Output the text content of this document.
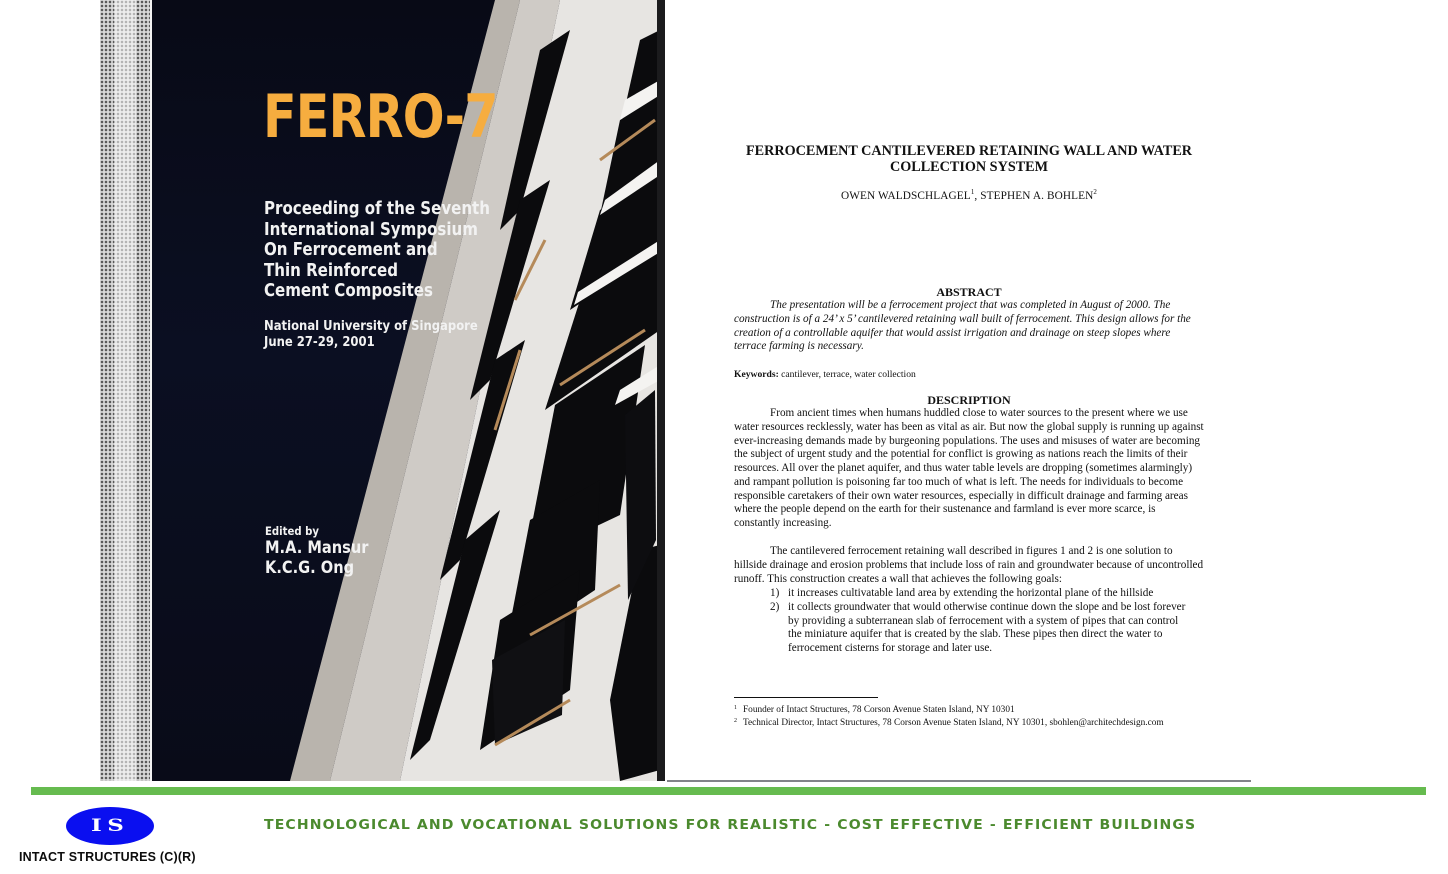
FERRO-7
Proceeding of the Seventh
International Symposium
On Ferrocement and
Thin Reinforced
Cement Composites
National University of Singapore
June 27-29, 2001
Edited by
M.A. Mansur
K.C.G. Ong
FERROCEMENT CANTILEVERED RETAINING WALL AND WATER
COLLECTION SYSTEM
OWEN WALDSCHLAGEL$^1$, STEPHEN A. BOHLEN$^2$
ABSTRACT
The presentation will be a ferrocement project that was completed in August of 2000. The construction is of a 24’ x 5’ cantilevered retaining wall built of ferrocement. This design allows for the creation of a controllable aquifer that would assist irrigation and drainage on steep slopes where terrace farming is necessary.
Keywords: cantilever, terrace, water collection
DESCRIPTION
From ancient times when humans huddled close to water sources to the present where we use water resources recklessly, water has been as vital as air. But now the global supply is running up against ever-increasing demands made by burgeoning populations. The uses and misuses of water are becoming the subject of urgent study and the potential for conflict is growing as nations reach the limits of their resources. All over the planet aquifer, and thus water table levels are dropping (sometimes alarmingly) and rampant pollution is poisoning far too much of what is left. The needs for individuals to become responsible caretakers of their own water resources, especially in difficult drainage and farming areas where the people depend on the earth for their sustenance and farmland is ever more scarce, is constantly increasing.
The cantilevered ferrocement retaining wall described in figures 1 and 2 is one solution to hillside drainage and erosion problems that include loss of rain and groundwater because of uncontrolled runoff. This construction creates a wall that achieves the following goals:
1) it increases cultivatable land area by extending the horizontal plane of the hillside
2) it collects groundwater that would otherwise continue down the slope and be lost forever by providing a subterranean slab of ferrocement with a system of pipes that can control the miniature aquifer that is created by the slab. These pipes then direct the water to ferrocement cisterns for storage and later use.
$^1$ Founder of Intact Structures, 78 Corson Avenue Staten Island, NY 10301
$^2$ Technical Director, Intact Structures, 78 Corson Avenue Staten Island, NY 10301, sbohlen@architechdesign.com
IS
INTACT STRUCTURES (C)(R)
TECHNOLOGICAL AND VOCATIONAL SOLUTIONS FOR REALISTIC - COST EFFECTIVE - EFFICIENT BUILDINGS
